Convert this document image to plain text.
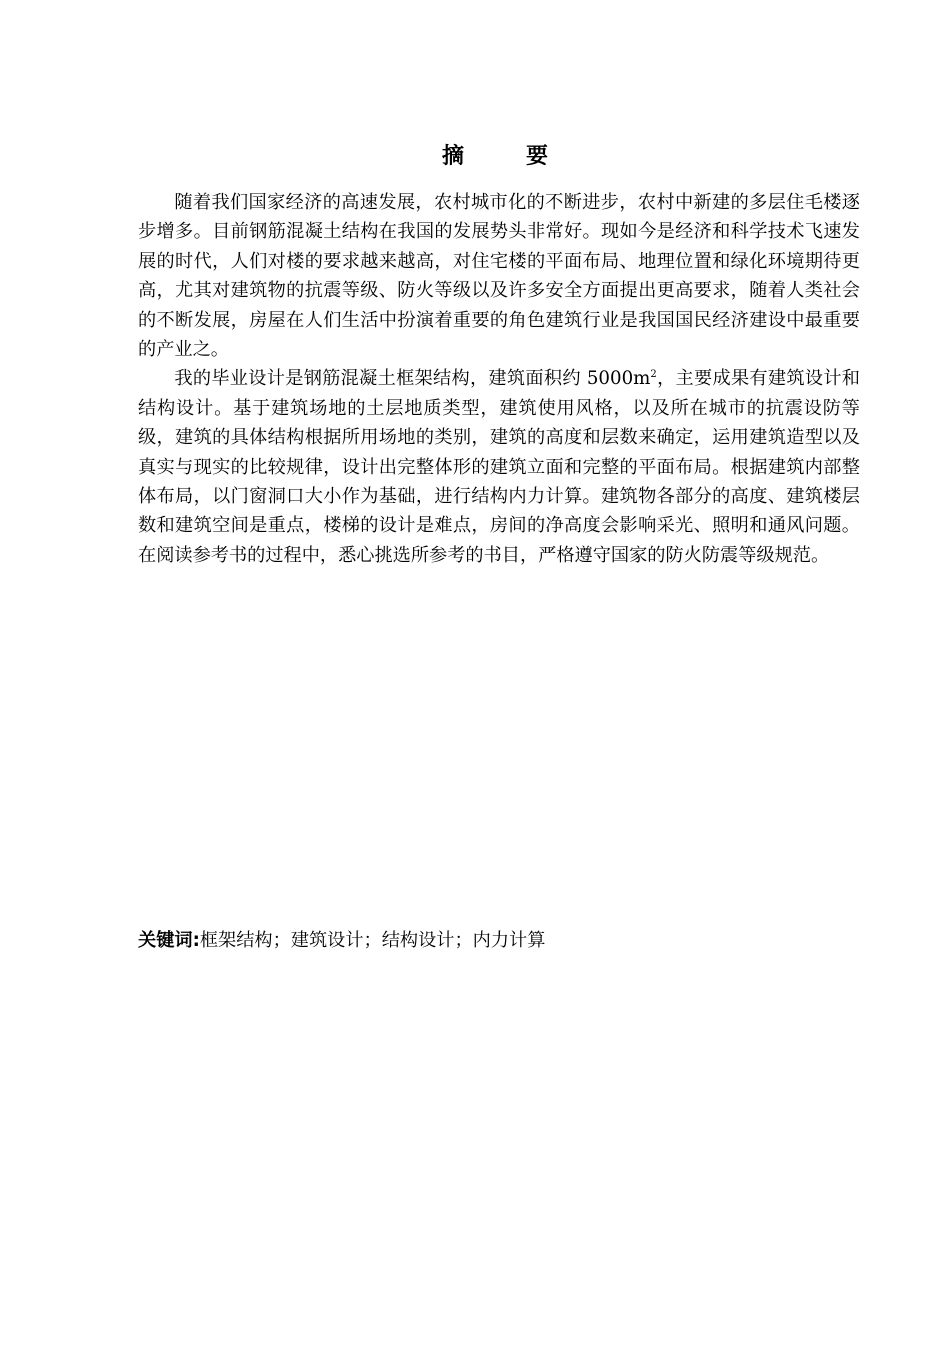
摘	要

随着我们国家经济的高速发展，农村城市化的不断进步，农村中新建的多层住毛楼逐步增多。目前钢筋混凝土结构在我国的发展势头非常好。现如今是经济和科学技术飞速发展的时代，人们对楼的要求越来越高，对住宅楼的平面布局、地理位置和绿化环境期待更高，尤其对建筑物的抗震等级、防火等级以及许多安全方面提出更高要求，随着人类社会的不断发展，房屋在人们生活中扮演着重要的角色建筑行业是我国国民经济建设中最重要的产业之。

我的毕业设计是钢筋混凝土框架结构，建筑面积约 $5000m^2$，主要成果有建筑设计和结构设计。基于建筑场地的土层地质类型，建筑使用风格，以及所在城市的抗震设防等级，建筑的具体结构根据所用场地的类别，建筑的高度和层数来确定，运用建筑造型以及真实与现实的比较规律，设计出完整体形的建筑立面和完整的平面布局。根据建筑内部整体布局，以门窗洞口大小作为基础，进行结构内力计算。建筑物各部分的高度、建筑楼层数和建筑空间是重点，楼梯的设计是难点，房间的净高度会影响采光、照明和通风问题。在阅读参考书的过程中，悉心挑选所参考的书目，严格遵守国家的防火防震等级规范。

关键词:框架结构；建筑设计；结构设计；内力计算
